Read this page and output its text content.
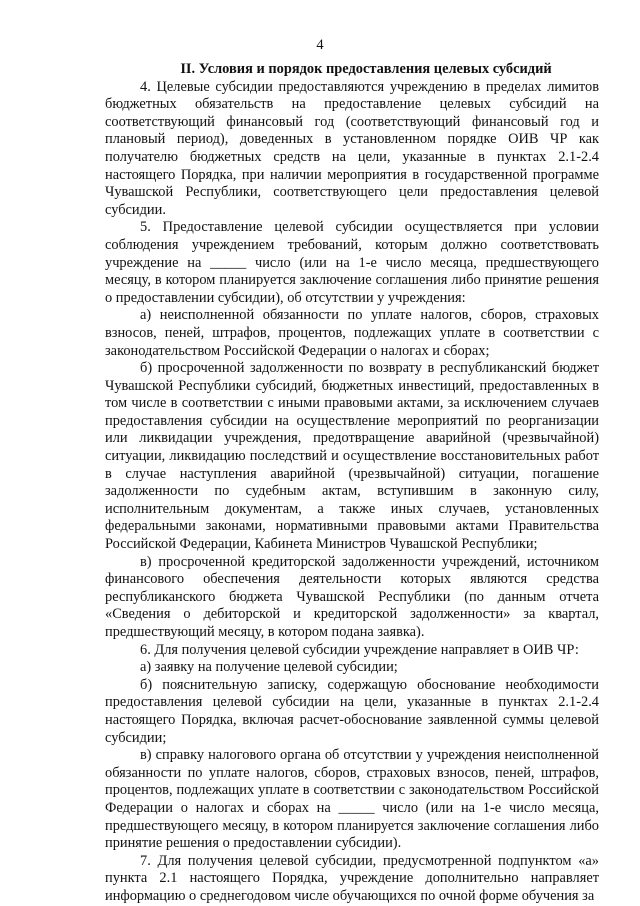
4

II. Условия и порядок предоставления целевых субсидий

4. Целевые субсидии предоставляются учреждению в пределах лимитов бюджетных обязательств на предоставление целевых субсидий на соответствующий финансовый год (соответствующий финансовый год и плановый период), доведенных в установленном порядке ОИВ ЧР как получателю бюджетных средств на цели, указанные в пунктах 2.1-2.4 настоящего Порядка, при наличии мероприятия в государственной программе Чувашской Республики, соответствующего цели предоставления целевой субсидии.

5. Предоставление целевой субсидии осуществляется при условии соблюдения учреждением требований, которым должно соответствовать учреждение на _____ число (или на 1-е число месяца, предшествующего месяцу, в котором планируется заключение соглашения либо принятие решения о предоставлении субсидии), об отсутствии у учреждения:

а) неисполненной обязанности по уплате налогов, сборов, страховых взносов, пеней, штрафов, процентов, подлежащих уплате в соответствии с законодательством Российской Федерации о налогах и сборах;

б) просроченной задолженности по возврату в республиканский бюджет Чувашской Республики субсидий, бюджетных инвестиций, предоставленных в том числе в соответствии с иными правовыми актами, за исключением случаев предоставления субсидии на осуществление мероприятий по реорганизации или ликвидации учреждения, предотвращение аварийной (чрезвычайной) ситуации, ликвидацию последствий и осуществление восстановительных работ в случае наступления аварийной (чрезвычайной) ситуации, погашение задолженности по судебным актам, вступившим в законную силу, исполнительным документам, а также иных случаев, установленных федеральными законами, нормативными правовыми актами Правительства Российской Федерации, Кабинета Министров Чувашской Республики;

в) просроченной кредиторской задолженности учреждений, источником финансового обеспечения деятельности которых являются средства республиканского бюджета Чувашской Республики (по данным отчета «Сведения о дебиторской и кредиторской задолженности» за квартал, предшествующий месяцу, в котором подана заявка).

6. Для получения целевой субсидии учреждение направляет в ОИВ ЧР:

а) заявку на получение целевой субсидии;

б) пояснительную записку, содержащую обоснование необходимости предоставления целевой субсидии на цели, указанные в пунктах 2.1-2.4 настоящего Порядка, включая расчет-обоснование заявленной суммы целевой субсидии;

в) справку налогового органа об отсутствии у учреждения неисполненной обязанности по уплате налогов, сборов, страховых взносов, пеней, штрафов, процентов, подлежащих уплате в соответствии с законодательством Российской Федерации о налогах и сборах на _____ число (или на 1-е число месяца, предшествующего месяцу, в котором планируется заключение соглашения либо принятие решения о предоставлении субсидии).

7. Для получения целевой субсидии, предусмотренной подпунктом «а» пункта 2.1 настоящего Порядка, учреждение дополнительно направляет информацию о среднегодовом числе обучающихся по очной форме обучения за
